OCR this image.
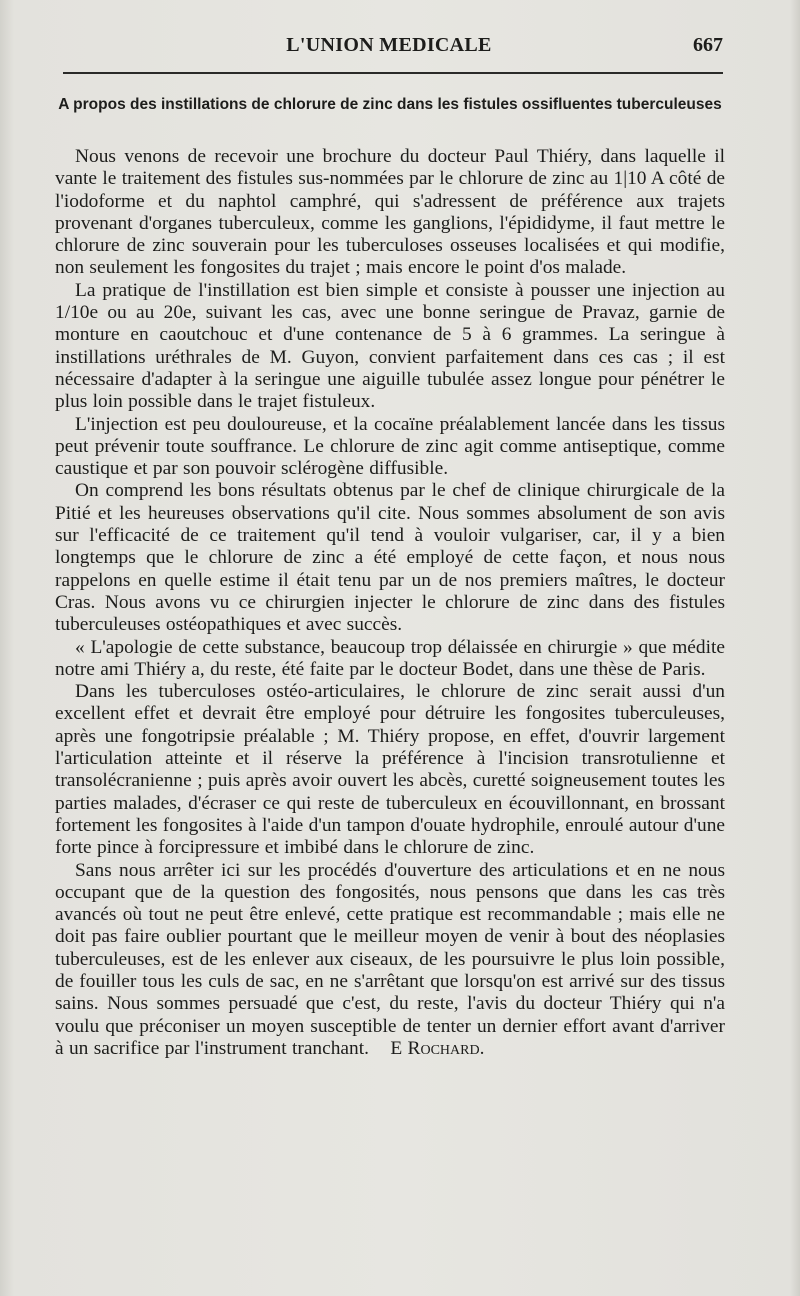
L'UNION MEDICALE	667
A propos des instillations de chlorure de zinc dans les fistules ossifluentes tuberculeuses

Nous venons de recevoir une brochure du docteur Paul Thiéry, dans laquelle il vante le traitement des fistules sus-nommées par le chlorure de zinc au 1|10 A côté de l'iodoforme et du naphtol camphré, qui s'adressent de préférence aux trajets provenant d'organes tuberculeux, comme les ganglions, l'épididyme, il faut mettre le chlorure de zinc souverain pour les tuberculoses osseuses localisées et qui modifie, non seulement les fongosites du trajet ; mais encore le point d'os malade.

La pratique de l'instillation est bien simple et consiste à pousser une injection au 1/10e ou au 20e, suivant les cas, avec une bonne seringue de Pravaz, garnie de monture en caoutchouc et d'une contenance de 5 à 6 grammes. La seringue à instillations uréthrales de M. Guyon, convient parfaitement dans ces cas ; il est nécessaire d'adapter à la seringue une aiguille tubulée assez longue pour pénétrer le plus loin possible dans le trajet fistuleux.

L'injection est peu douloureuse, et la cocaïne préalablement lancée dans les tissus peut prévenir toute souffrance. Le chlorure de zinc agit comme antiseptique, comme caustique et par son pouvoir sclérogène diffusible.

On comprend les bons résultats obtenus par le chef de clinique chirurgicale de la Pitié et les heureuses observations qu'il cite. Nous sommes absolument de son avis sur l'efficacité de ce traitement qu'il tend à vouloir vulgariser, car, il y a bien longtemps que le chlorure de zinc a été employé de cette façon, et nous nous rappelons en quelle estime il était tenu par un de nos premiers maîtres, le docteur Cras. Nous avons vu ce chirurgien injecter le chlorure de zinc dans des fistules tuberculeuses ostéopathiques et avec succès.

« L'apologie de cette substance, beaucoup trop délaissée en chirurgie » que médite notre ami Thiéry a, du reste, été faite par le docteur Bodet, dans une thèse de Paris.

Dans les tuberculoses ostéo-articulaires, le chlorure de zinc serait aussi d'un excellent effet et devrait être employé pour détruire les fongosites tuberculeuses, après une fongotripsie préalable ; M. Thiéry propose, en effet, d'ouvrir largement l'articulation atteinte et il réserve la préférence à l'incision transrotulienne et transolécranienne ; puis après avoir ouvert les abcès, curetté soigneusement toutes les parties malades, d'écraser ce qui reste de tuberculeux en écouvillonnant, en brossant fortement les fongosites à l'aide d'un tampon d'ouate hydrophile, enroulé autour d'une forte pince à forcipressure et imbibé dans le chlorure de zinc.

Sans nous arrêter ici sur les procédés d'ouverture des articulations et en ne nous occupant que de la question des fongosités, nous pensons que dans les cas très avancés où tout ne peut être enlevé, cette pratique est recommandable ; mais elle ne doit pas faire oublier pourtant que le meilleur moyen de venir à bout des néoplasies tuberculeuses, est de les enlever aux ciseaux, de les poursuivre le plus loin possible, de fouiller tous les culs de sac, en ne s'arrêtant que lorsqu'on est arrivé sur des tissus sains. Nous sommes persuadé que c'est, du reste, l'avis du docteur Thiéry qui n'a voulu que préconiser un moyen susceptible de tenter un dernier effort avant d'arriver à un sacrifice par l'instrument tranchant. E Rochard.
